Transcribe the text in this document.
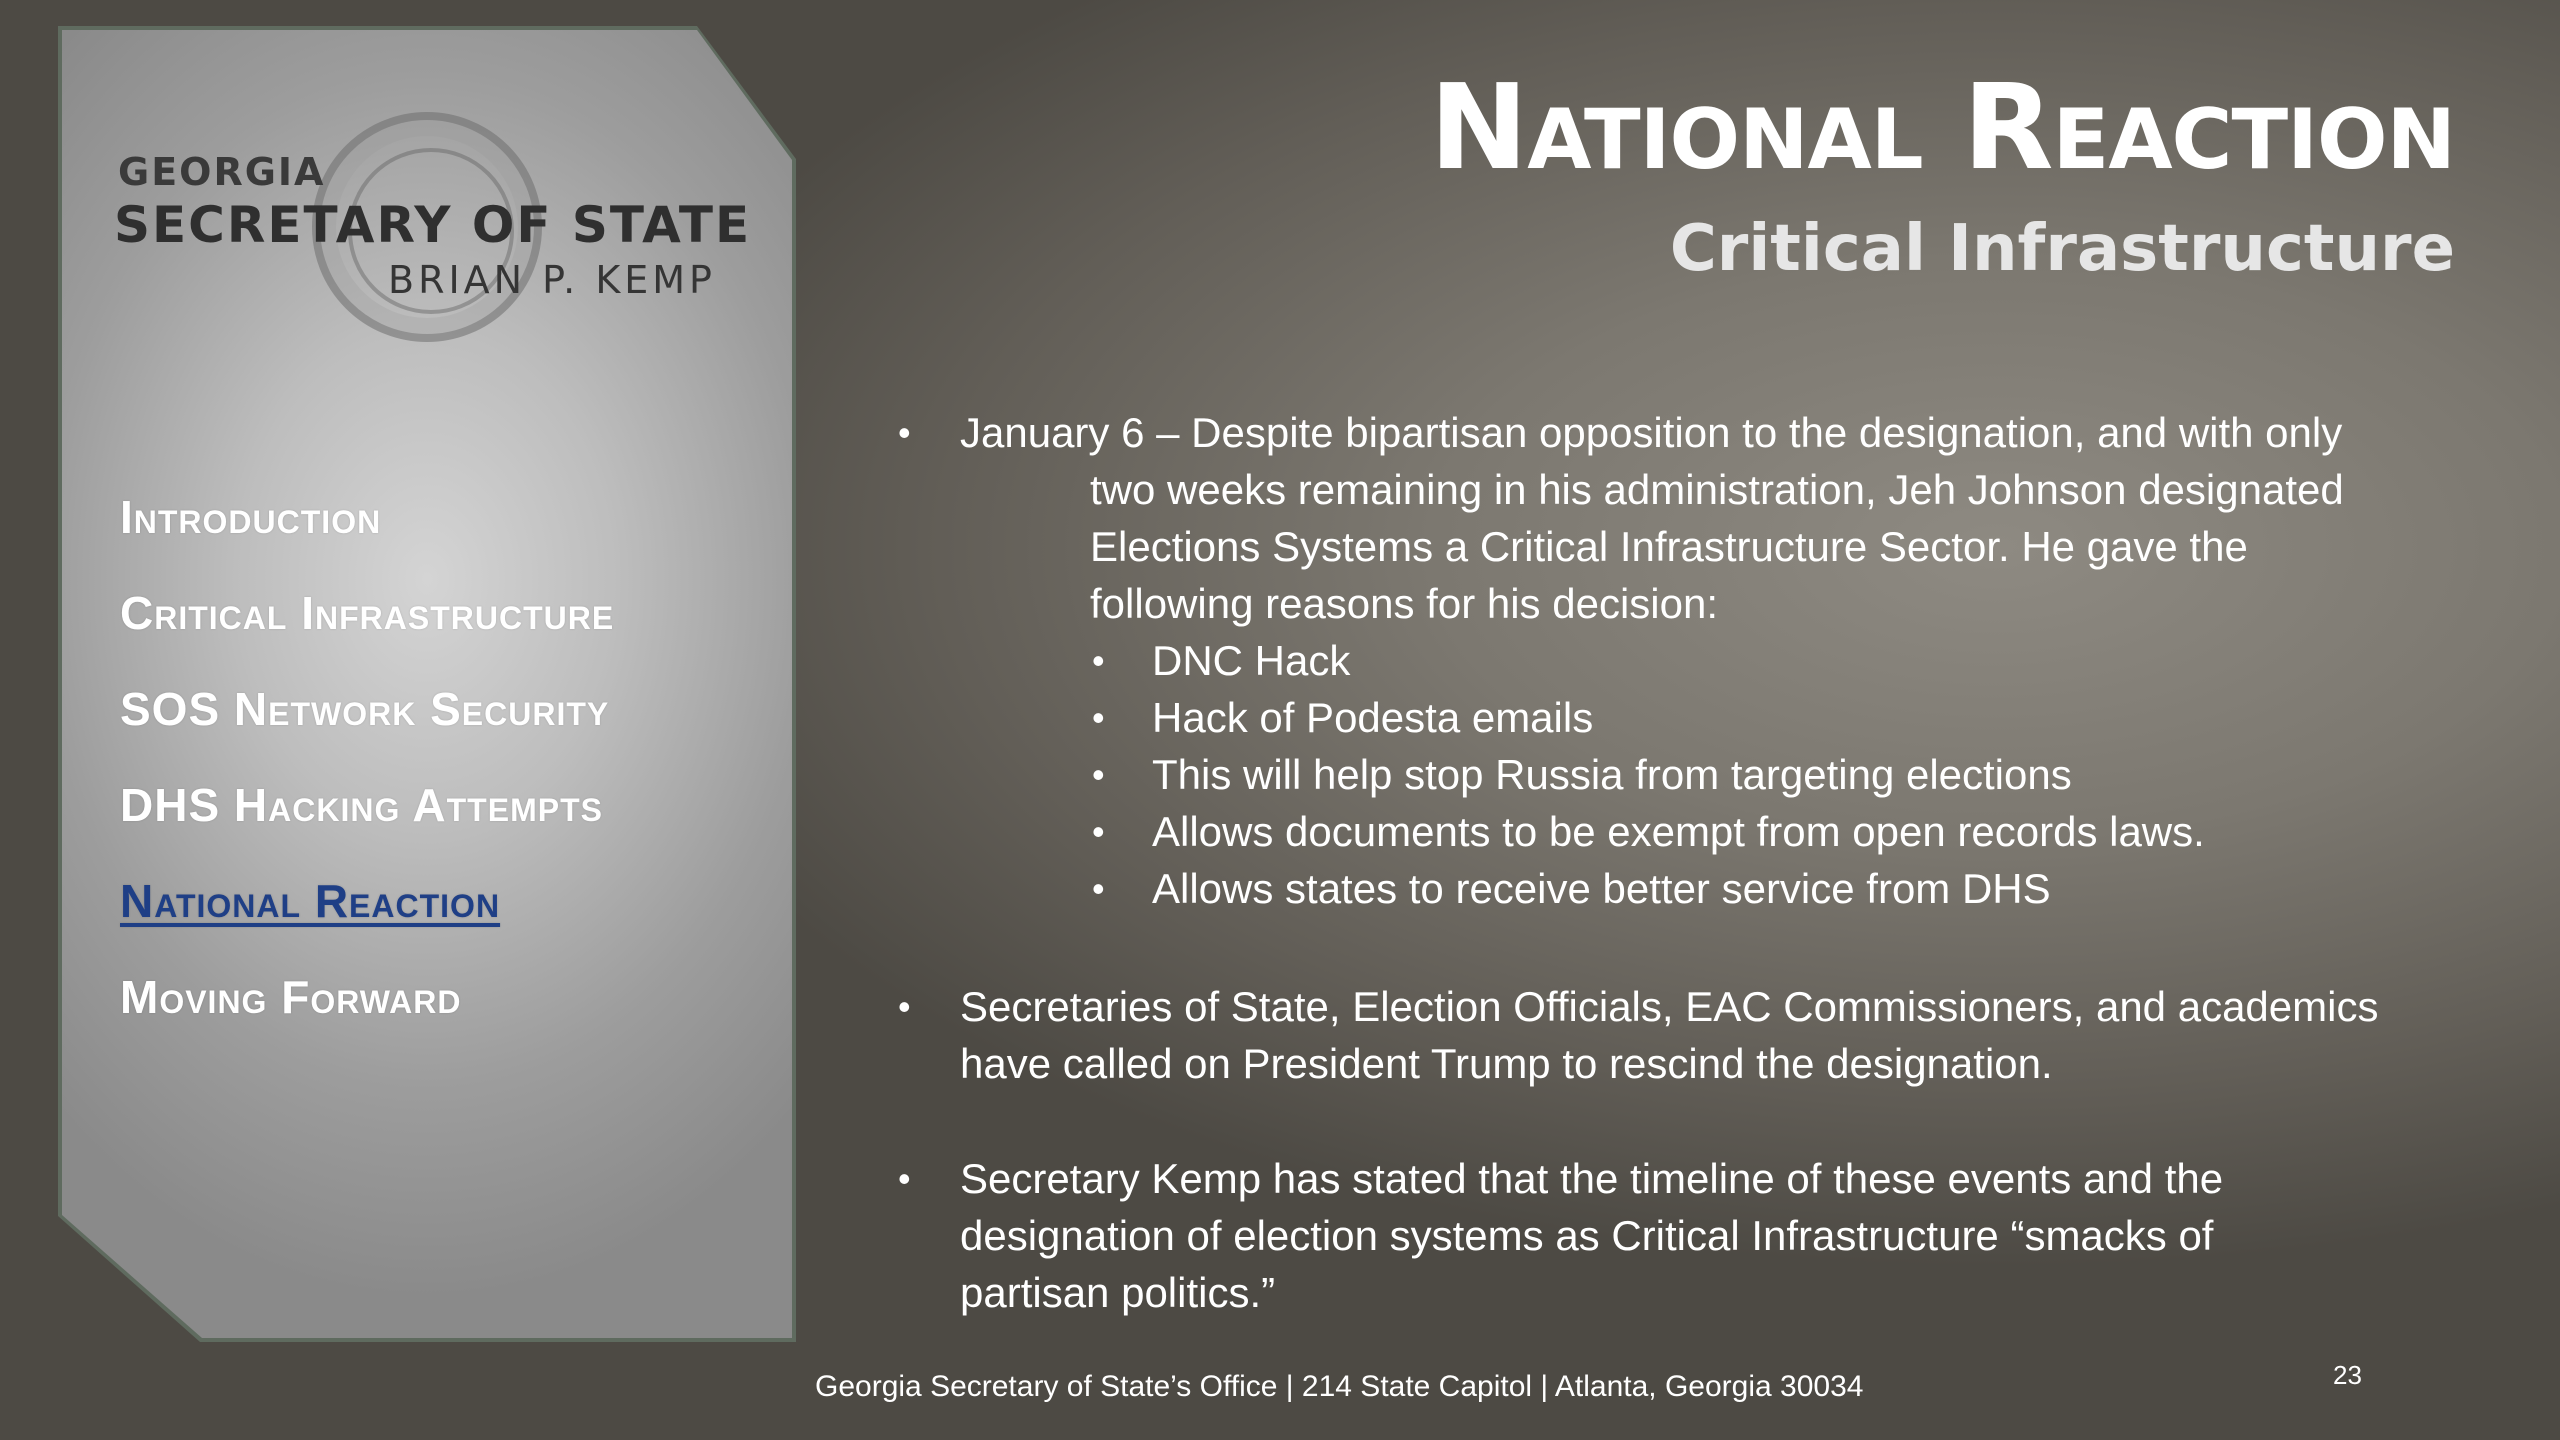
GEORGIA
SECRETARY OF STATE
BRIAN P. KEMP
Introduction
Critical Infrastructure
SOS Network Security
DHS Hacking Attempts
National Reaction
Moving Forward
National Reaction
Critical Infrastructure
• January 6 – Despite bipartisan opposition to the designation, and with only
two weeks remaining in his administration, Jeh Johnson designated
Elections Systems a Critical Infrastructure Sector. He gave the
following reasons for his decision:
• DNC Hack
• Hack of Podesta emails
• This will help stop Russia from targeting elections
• Allows documents to be exempt from open records laws.
• Allows states to receive better service from DHS
• Secretaries of State, Election Officials, EAC Commissioners, and academics
have called on President Trump to rescind the designation.
• Secretary Kemp has stated that the timeline of these events and the
designation of election systems as Critical Infrastructure “smacks of
partisan politics.”
Georgia Secretary of State’s Office | 214 State Capitol | Atlanta, Georgia 30034	23
